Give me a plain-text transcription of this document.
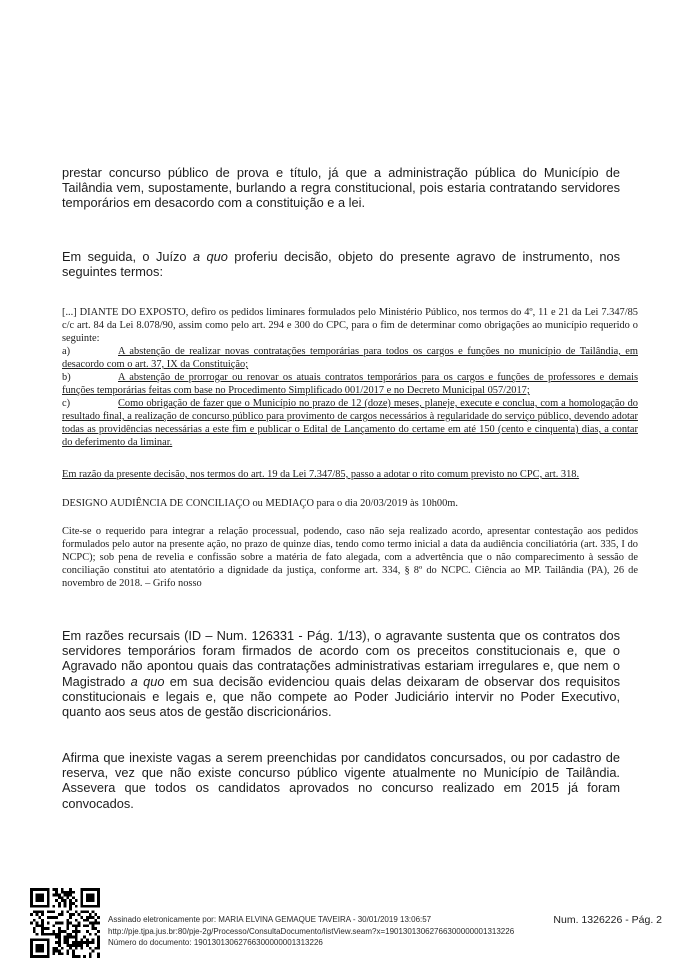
prestar concurso público de prova e título, já que a administração pública do Município de Tailândia vem, supostamente, burlando a regra constitucional, pois estaria contratando servidores temporários em desacordo com a constituição e a lei.

Em seguida, o Juízo a quo proferiu decisão, objeto do presente agravo de instrumento, nos seguintes termos:

[...] DIANTE DO EXPOSTO, defiro os pedidos liminares formulados pelo Ministério Público, nos termos do 4º, 11 e 21 da Lei 7.347/85 c/c art. 84 da Lei 8.078/90, assim como pelo art. 294 e 300 do CPC, para o fim de determinar como obrigações ao município requerido o seguinte:

a)	A abstenção de realizar novas contratações temporárias para todos os cargos e funções no município de Tailândia, em desacordo com o art. 37, IX da Constituição;
b)	A abstenção de prorrogar ou renovar os atuais contratos temporários para os cargos e funções de professores e demais funções temporárias feitas com base no Procedimento Simplificado 001/2017 e no Decreto Municipal 057/2017;
c)	Como obrigação de fazer que o Município no prazo de 12 (doze) meses, planeje, execute e conclua, com a homologação do resultado final, a realização de concurso público para provimento de cargos necessários à regularidade do serviço público, devendo adotar todas as providências necessárias a este fim e publicar o Edital de Lançamento do certame em até 150 (cento e cinquenta) dias, a contar do deferimento da liminar.

Em razão da presente decisão, nos termos do art. 19 da Lei 7.347/85, passo a adotar o rito comum previsto no CPC, art. 318.

DESIGNO AUDIÊNCIA DE CONCILIAÇO ou MEDIAÇO para o dia 20/03/2019 às 10h00m.

Cite-se o requerido para integrar a relação processual, podendo, caso não seja realizado acordo, apresentar contestação aos pedidos formulados pelo autor na presente ação, no prazo de quinze dias, tendo como termo inicial a data da audiência conciliatória (art. 335, I do NCPC); sob pena de revelia e confissão sobre a matéria de fato alegada, com a advertência que o não comparecimento à sessão de conciliação constitui ato atentatório a dignidade da justiça, conforme art. 334, § 8º do NCPC. Ciência ao MP. Tailândia (PA), 26 de novembro de 2018. – Grifo nosso

Em razões recursais (ID – Num. 126331 - Pág. 1/13), o agravante sustenta que os contratos dos servidores temporários foram firmados de acordo com os preceitos constitucionais e, que o Agravado não apontou quais das contratações administrativas estariam irregulares e, que nem o Magistrado a quo em sua decisão evidenciou quais delas deixaram de observar dos requisitos constitucionais e legais e, que não compete ao Poder Judiciário intervir no Poder Executivo, quanto aos seus atos de gestão discricionários.

Afirma que inexiste vagas a serem preenchidas por candidatos concursados, ou por cadastro de reserva, vez que não existe concurso público vigente atualmente no Município de Tailândia. Assevera que todos os candidatos aprovados no concurso realizado em 2015 já foram convocados.

Assinado eletronicamente por: MARIA ELVINA GEMAQUE TAVEIRA - 30/01/2019 13:06:57
http://pje.tjpa.jus.br:80/pje-2g/Processo/ConsultaDocumento/listView.seam?x=19013013062766300000001313226
Número do documento: 19013013062766300000001313226
Num. 1326226 - Pág. 2
